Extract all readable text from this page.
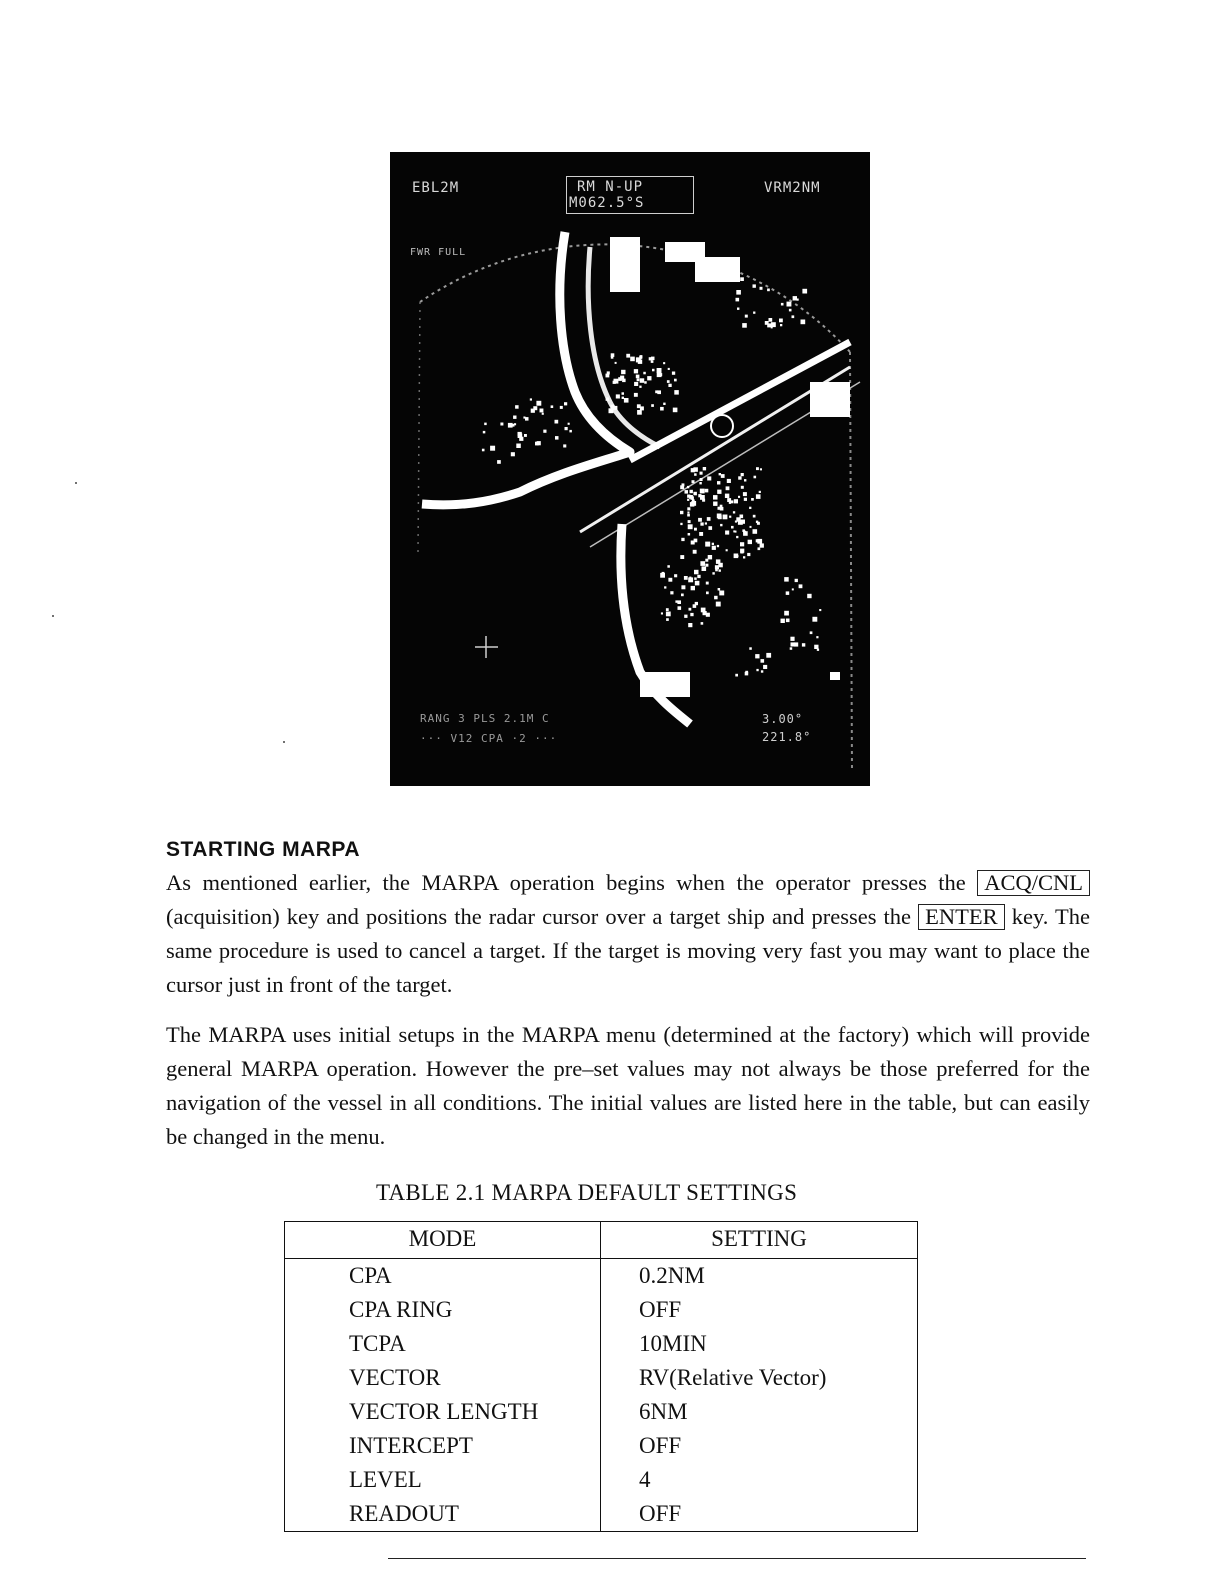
EBL2M	RM N-UP
M062.5°S
VRM2NM
FWR FULL
RANG 3 PLS 2.1M C
··· V12 CPA ·2 ···
3.00°
221.8°
STARTING MARPA

As mentioned earlier, the MARPA operation begins when the operator presses the ACQ/CNL (acquisition) key and positions the radar cursor over a target ship and presses the ENTER key. The same procedure is used to cancel a target. If the target is moving very fast you may want to place the cursor just in front of the target.

The MARPA uses initial setups in the MARPA menu (determined at the factory) which will provide general MARPA operation. However the pre–set values may not always be those preferred for the navigation of the vessel in all conditions. The initial values are listed here in the table, but can easily be changed in the menu.

TABLE 2.1 MARPA DEFAULT SETTINGS
MODE	SETTING
CPA	0.2NM
CPA RING	OFF
TCPA	10MIN
VECTOR	RV(Relative Vector)
VECTOR LENGTH	6NM
INTERCEPT	OFF
LEVEL	4
READOUT	OFF
